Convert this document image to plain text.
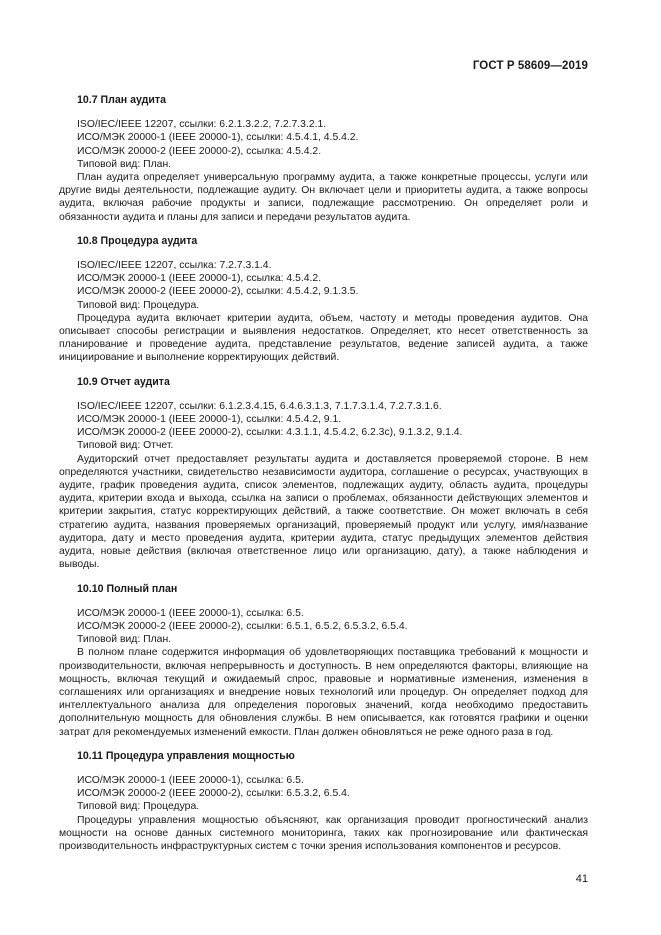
ГОСТ Р 58609—2019
10.7 План аудита
ISO/IEC/IEEE 12207, ссылки: 6.2.1.3.2.2, 7.2.7.3.2.1.
ИСО/МЭК 20000-1 (IEEE 20000-1), ссылки: 4.5.4.1, 4.5.4.2.
ИСО/МЭК 20000-2 (IEEE 20000-2), ссылка: 4.5.4.2.
Типовой вид: План.

План аудита определяет универсальную программу аудита, а также конкретные процессы, услуги или другие виды деятельности, подлежащие аудиту. Он включает цели и приоритеты аудита, а также вопросы аудита, включая рабочие продукты и записи, подлежащие рассмотрению. Он определяет роли и обязанности аудита и планы для записи и передачи результатов аудита.

10.8 Процедура аудита
ISO/IEC/IEEE 12207, ссылка: 7.2.7.3.1.4.
ИСО/МЭК 20000-1 (IEEE 20000-1), ссылка: 4.5.4.2.
ИСО/МЭК 20000-2 (IEEE 20000-2), ссылки: 4.5.4.2, 9.1.3.5.
Типовой вид: Процедура.

Процедура аудита включает критерии аудита, объем, частоту и методы проведения аудитов. Она описывает способы регистрации и выявления недостатков. Определяет, кто несет ответственность за планирование и проведение аудита, представление результатов, ведение записей аудита, а также инициирование и выполнение корректирующих действий.

10.9 Отчет аудита
ISO/IEC/IEEE 12207, ссылки: 6.1.2.3.4.15, 6.4.6.3.1.3, 7.1.7.3.1.4, 7.2.7.3.1.6.
ИСО/МЭК 20000-1 (IEEE 20000-1), ссылки: 4.5.4.2, 9.1.
ИСО/МЭК 20000-2 (IEEE 20000-2), ссылки: 4.3.1.1, 4.5.4.2, 6.2.3с), 9.1.3.2, 9.1.4.
Типовой вид: Отчет.

Аудиторский отчет предоставляет результаты аудита и доставляется проверяемой стороне. В нем определяются участники, свидетельство независимости аудитора, соглашение о ресурсах, участвующих в аудите, график проведения аудита, список элементов, подлежащих аудиту, область аудита, процедуры аудита, критерии входа и выхода, ссылка на записи о проблемах, обязанности действующих элементов и критерии закрытия, статус корректирующих действий, а также соответствие. Он может включать в себя стратегию аудита, названия проверяемых организаций, проверяемый продукт или услугу, имя/название аудитора, дату и место проведения аудита, критерии аудита, статус предыдущих элементов действия аудита, новые действия (включая ответственное лицо или организацию, дату), а также наблюдения и выводы.

10.10 Полный план
ИСО/МЭК 20000-1 (IEEE 20000-1), ссылка: 6.5.
ИСО/МЭК 20000-2 (IEEE 20000-2), ссылки: 6.5.1, 6.5.2, 6.5.3.2, 6.5.4.
Типовой вид: План.

В полном плане содержится информация об удовлетворяющих поставщика требований к мощности и производительности, включая непрерывность и доступность. В нем определяются факторы, влияющие на мощность, включая текущий и ожидаемый спрос, правовые и нормативные изменения, изменения в соглашениях или организациях и внедрение новых технологий или процедур. Он определяет подход для интеллектуального анализа для определения пороговых значений, когда необходимо предоставить дополнительную мощность для обновления службы. В нем описывается, как готовятся графики и оценки затрат для рекомендуемых изменений емкости. План должен обновляться не реже одного раза в год.

10.11 Процедура управления мощностью
ИСО/МЭК 20000-1 (IEEE 20000-1), ссылка: 6.5.
ИСО/МЭК 20000-2 (IEEE 20000-2), ссылки: 6.5.3.2, 6.5.4.
Типовой вид: Процедура.

Процедуры управления мощностью объясняют, как организация проводит прогностический анализ мощности на основе данных системного мониторинга, таких как прогнозирование или фактическая производительность инфраструктурных систем с точки зрения использования компонентов и ресурсов.

41
